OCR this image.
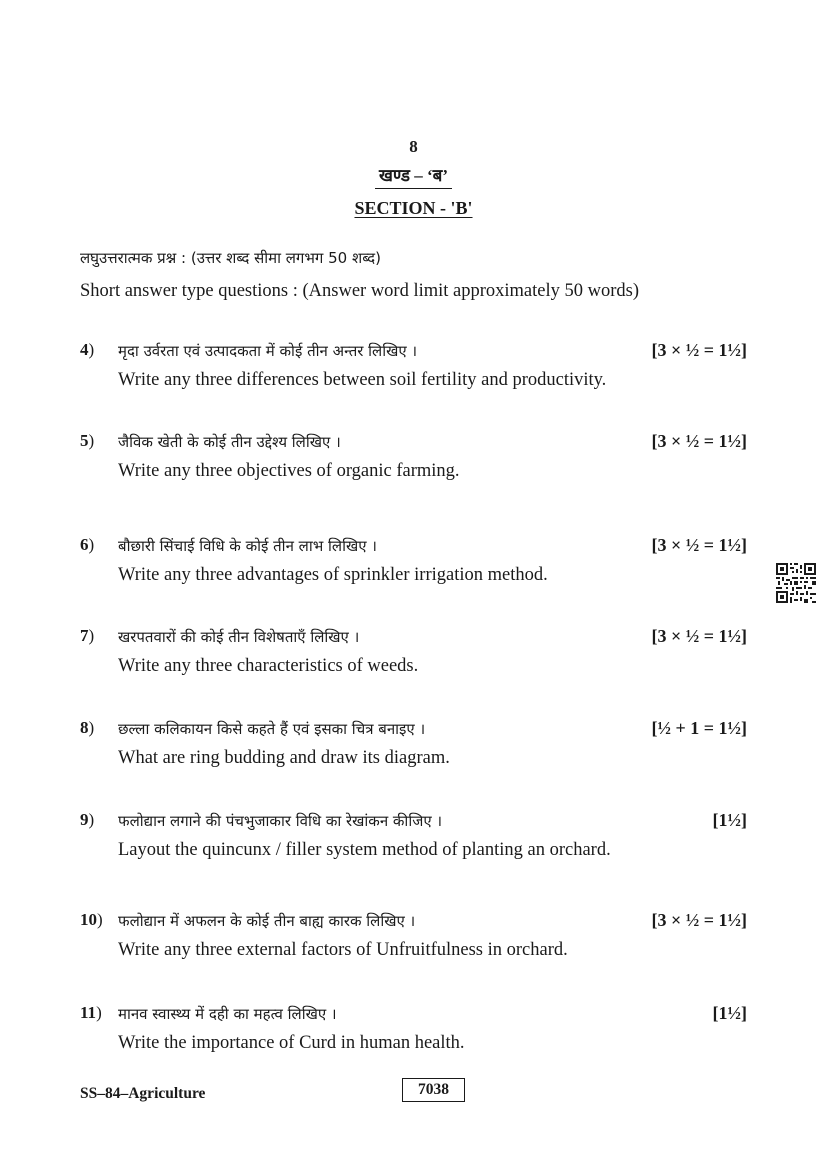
8
खण्ड – ‘ब’
SECTION - 'B'
लघुउत्तरात्मक प्रश्न : (उत्तर शब्द सीमा लगभग 50 शब्द)
Short answer type questions : (Answer word limit approximately 50 words)
4)	मृदा उर्वरता एवं उत्पादकता में कोई तीन अन्तर लिखिए ।	[3 × ½ = 1½]
Write any three differences between soil fertility and productivity.
5)	जैविक खेती के कोई तीन उद्देश्य लिखिए ।	[3 × ½ = 1½]
Write any three objectives of organic farming.
6)	बौछारी सिंचाई विधि के कोई तीन लाभ लिखिए ।	[3 × ½ = 1½]
Write any three advantages of sprinkler irrigation method.
7)	खरपतवारों की कोई तीन विशेषताएँ लिखिए ।	[3 × ½ = 1½]
Write any three characteristics of weeds.
8)	छल्ला कलिकायन किसे कहते हैं एवं इसका चित्र बनाइए ।	[½ + 1 = 1½]
What are ring budding and draw its diagram.
9)	फलोद्यान लगाने की पंचभुजाकार विधि का रेखांकन कीजिए ।	[1½]
Layout the quincunx / filler system method of planting an orchard.
10)	फलोद्यान में अफलन के कोई तीन बाह्य कारक लिखिए ।	[3 × ½ = 1½]
Write any three external factors of Unfruitfulness in orchard.
11)	मानव स्वास्थ्य में दही का महत्व लिखिए ।	[1½]
Write the importance of Curd in human health.
SS–84–Agriculture	7038
